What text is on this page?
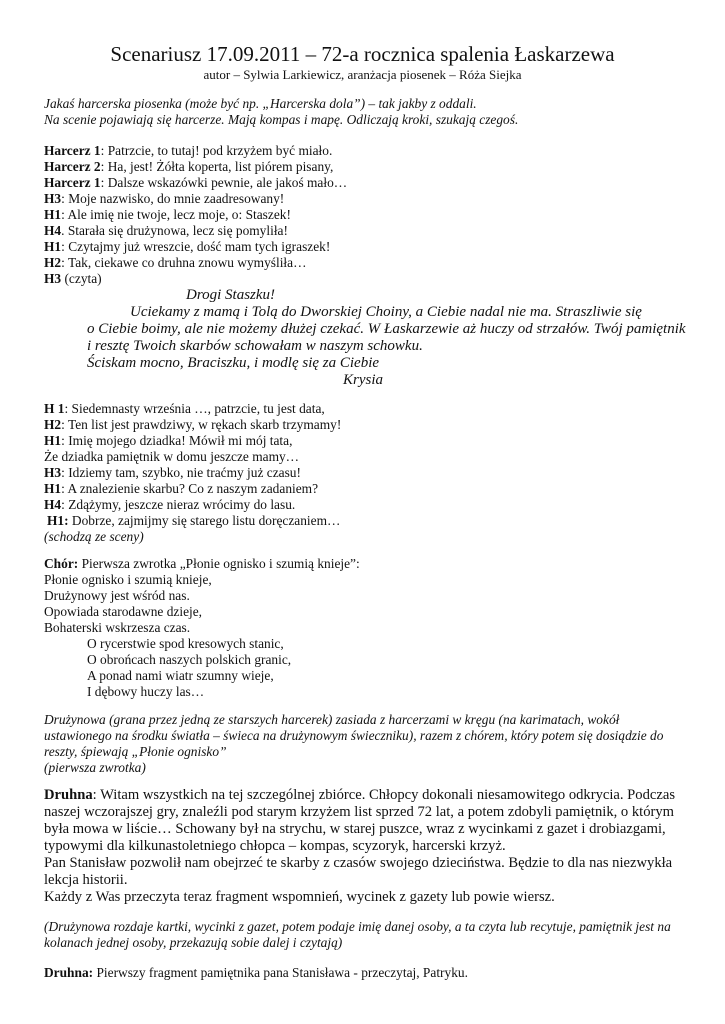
Scenariusz 17.09.2011 – 72-a rocznica spalenia Łaskarzewa
autor – Sylwia Larkiewicz, aranżacja piosenek – Róża Siejka
Jakaś harcerska piosenka (może być np. „Harcerska dola”) – tak jakby z oddali.
Na scenie pojawiają się harcerze. Mają kompas i mapę. Odliczają kroki, szukają czegoś.
Harcerz 1: Patrzcie, to tutaj! pod krzyżem być miało.
Harcerz 2: Ha, jest! Żółta koperta, list piórem pisany,
Harcerz 1: Dalsze wskazówki pewnie, ale jakoś mało…
H3: Moje nazwisko, do mnie zaadresowany!
H1: Ale imię nie twoje, lecz moje, o: Staszek!
H4. Starała się drużynowa, lecz się pomyliła!
H1: Czytajmy już wreszcie, dość mam tych igraszek!
H2: Tak, ciekawe co druhna znowu wymyśliła…
H3 (czyta)
Drogi Staszku!
Uciekamy z mamą i Tolą do Dworskiej Choiny, a Ciebie nadal nie ma. Straszliwie się
o Ciebie boimy, ale nie możemy dłużej czekać. W Łaskarzewie aż huczy od strzałów. Twój pamiętnik
i resztę Twoich skarbów schowałam w naszym schowku.
Ściskam mocno, Braciszku, i modlę się za Ciebie
Krysia
H 1: Siedemnasty września …, patrzcie, tu jest data,
H2: Ten list jest prawdziwy, w rękach skarb trzymamy!
H1: Imię mojego dziadka! Mówił mi mój tata,
Że dziadka pamiętnik w domu jeszcze mamy…
H3: Idziemy tam, szybko, nie traćmy już czasu!
H1: A znalezienie skarbu? Co z naszym zadaniem?
H4: Zdążymy, jeszcze nieraz wrócimy do lasu.
H1: Dobrze, zajmijmy się starego listu doręczaniem…
(schodzą ze sceny)
Chór: Pierwsza zwrotka „Płonie ognisko i szumią knieje”:
Płonie ognisko i szumią knieje,
Drużynowy jest wśród nas.
Opowiada starodawne dzieje,
Bohaterski wskrzesza czas.
O rycerstwie spod kresowych stanic,
O obrońcach naszych polskich granic,
A ponad nami wiatr szumny wieje,
I dębowy huczy las…
Drużynowa (grana przez jedną ze starszych harcerek) zasiada z harcerzami w kręgu (na karimatach, wokół
ustawionego na środku światła – świeca na drużynowym świeczniku), razem z chórem, który potem się dosiądzie do
reszty, śpiewają „Płonie ognisko”
(pierwsza zwrotka)
Druhna: Witam wszystkich na tej szczególnej zbiórce. Chłopcy dokonali niesamowitego odkrycia. Podczas
naszej wczorajszej gry, znaleźli pod starym krzyżem list sprzed 72 lat, a potem zdobyli pamiętnik, o którym
była mowa w liście… Schowany był na strychu, w starej puszce, wraz z wycinkami z gazet i drobiazgami,
typowymi dla kilkunastoletniego chłopca – kompas, scyzoryk, harcerski krzyż.
Pan Stanisław pozwolił nam obejrzeć te skarby z czasów swojego dzieciństwa. Będzie to dla nas niezwykła
lekcja historii.
Każdy z Was przeczyta teraz fragment wspomnień, wycinek z gazety lub powie wiersz.
(Drużynowa rozdaje kartki, wycinki z gazet, potem podaje imię danej osoby, a ta czyta lub recytuje, pamiętnik jest na
kolanach jednej osoby, przekazują sobie dalej i czytają)
Druhna: Pierwszy fragment pamiętnika pana Stanisława - przeczytaj, Patryku.
